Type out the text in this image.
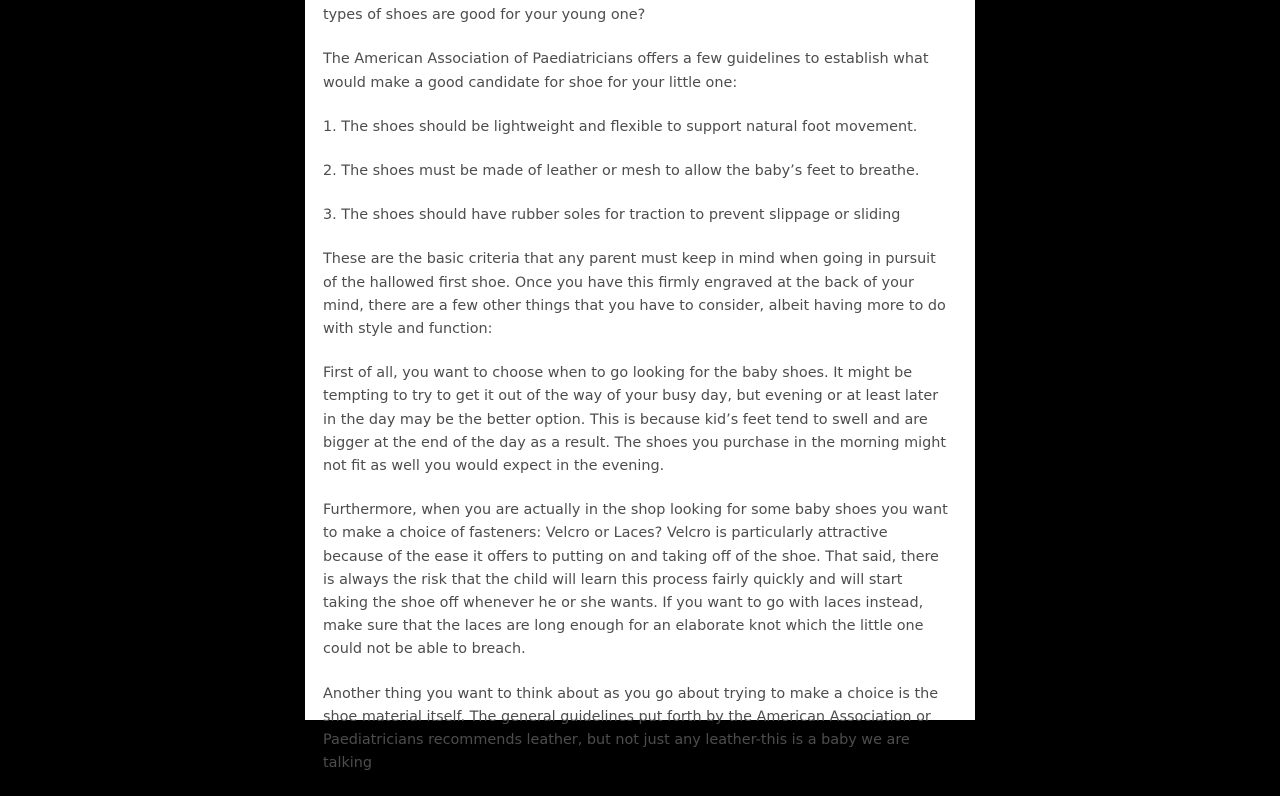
types of shoes are good for your young one?

The American Association of Paediatricians offers a few guidelines to establish what would make a good candidate for shoe for your little one:

1. The shoes should be lightweight and flexible to support natural foot movement.

2. The shoes must be made of leather or mesh to allow the baby’s feet to breathe.

3. The shoes should have rubber soles for traction to prevent slippage or sliding

These are the basic criteria that any parent must keep in mind when going in pursuit of the hallowed first shoe. Once you have this firmly engraved at the back of your mind, there are a few other things that you have to consider, albeit having more to do with style and function:

First of all, you want to choose when to go looking for the baby shoes. It might be tempting to try to get it out of the way of your busy day, but evening or at least later in the day may be the better option. This is because kid’s feet tend to swell and are bigger at the end of the day as a result. The shoes you purchase in the morning might not fit as well you would expect in the evening.

Furthermore, when you are actually in the shop looking for some baby shoes you want to make a choice of fasteners: Velcro or Laces? Velcro is particularly attractive because of the ease it offers to putting on and taking off of the shoe. That said, there is always the risk that the child will learn this process fairly quickly and will start taking the shoe off whenever he or she wants. If you want to go with laces instead, make sure that the laces are long enough for an elaborate knot which the little one could not be able to breach.

Another thing you want to think about as you go about trying to make a choice is the shoe material itself. The general guidelines put forth by the American Association or Paediatricians recommends leather, but not just any leather-this is a baby we are talking
